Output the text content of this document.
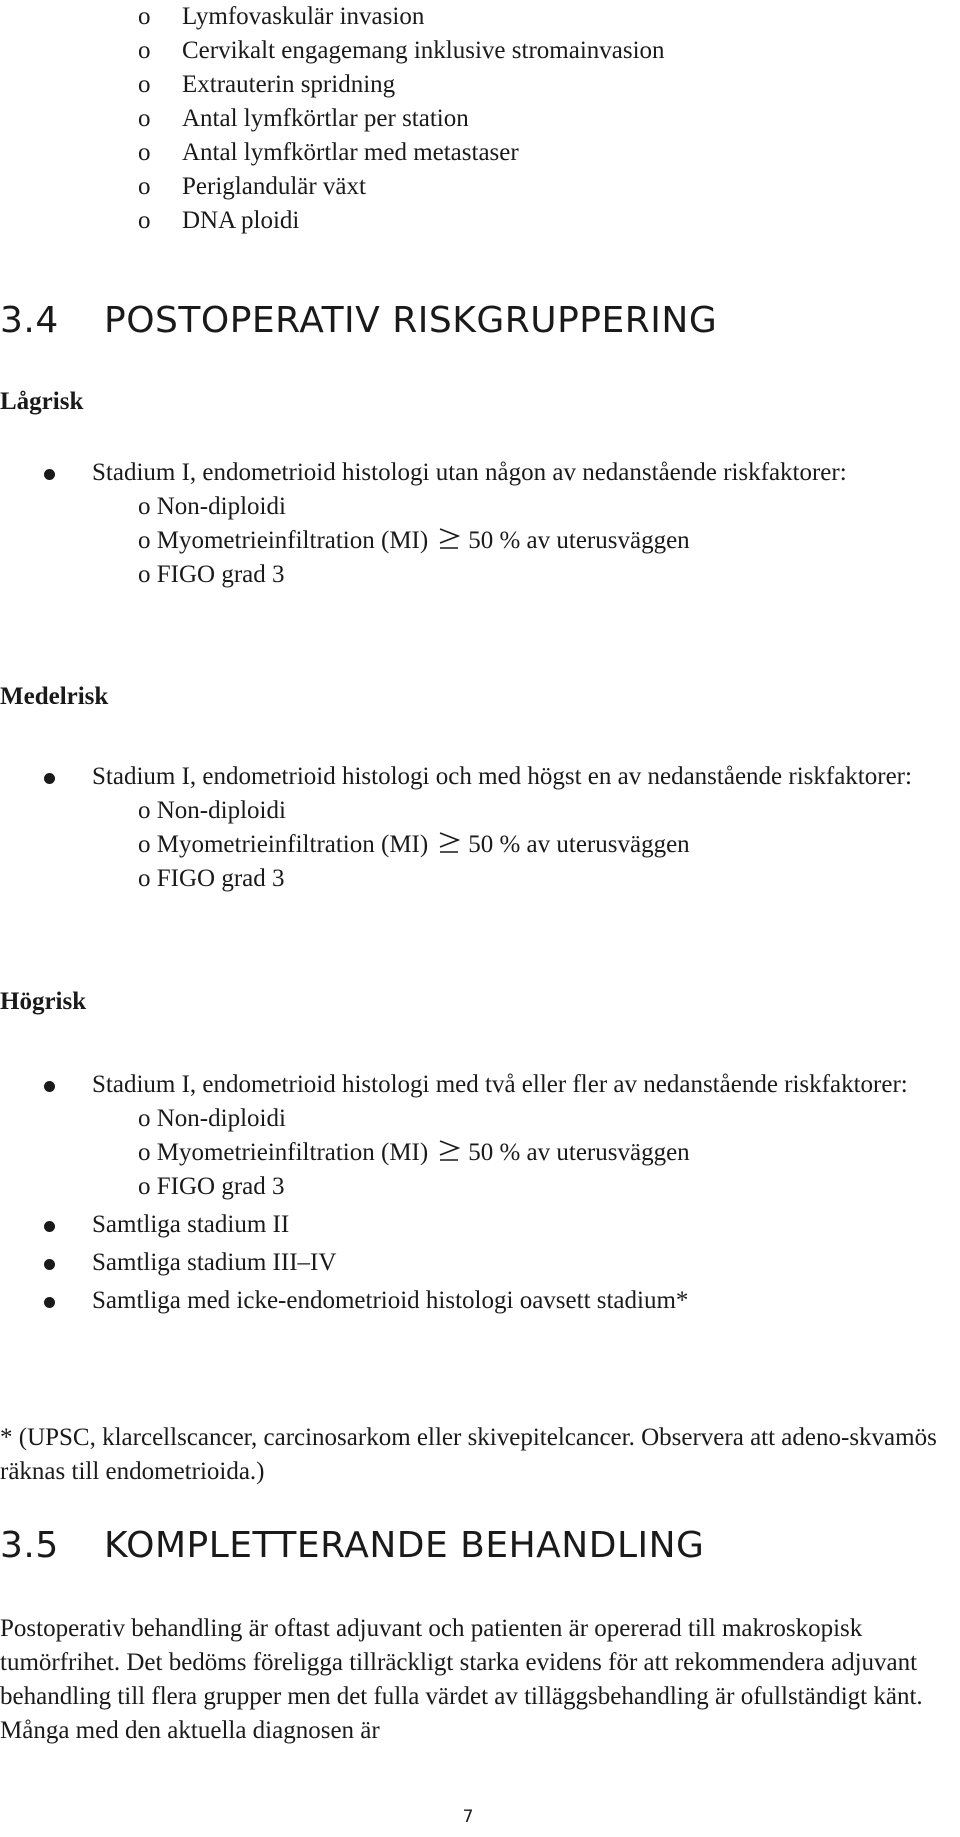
o Lymfovaskulär invasion
o Cervikalt engagemang inklusive stromainvasion
o Extrauterin spridning
o Antal lymfkörtlar per station
o Antal lymfkörtlar med metastaser
o Periglandulär växt
o DNA ploidi
3.4 POSTOPERATIV RISKGRUPPERING
Lågrisk
Stadium I, endometrioid histologi utan någon av nedanstående riskfaktorer:
o Non-diploidi
o Myometrieinfiltration (MI) 50 % av uterusväggen
o FIGO grad 3
Medelrisk
Stadium I, endometrioid histologi och med högst en av nedanstående riskfaktorer:
o Non-diploidi
o Myometrieinfiltration (MI) 50 % av uterusväggen
o FIGO grad 3
Högrisk
Stadium I, endometrioid histologi med två eller fler av nedanstående riskfaktorer:
o Non-diploidi
o Myometrieinfiltration (MI) 50 % av uterusväggen
o FIGO grad 3
Samtliga stadium II
Samtliga stadium III–IV
Samtliga med icke-endometrioid histologi oavsett stadium*
* (UPSC, klarcellscancer, carcinosarkom eller skivepitelcancer. Observera att adeno-skvamös räknas till endometrioida.)
3.5 KOMPLETTERANDE BEHANDLING
Postoperativ behandling är oftast adjuvant och patienten är opererad till makroskopisk tumörfrihet. Det bedöms föreligga tillräckligt starka evidens för att rekommendera adjuvant behandling till flera grupper men det fulla värdet av tilläggsbehandling är ofullständigt känt. Många med den aktuella diagnosen är
7
